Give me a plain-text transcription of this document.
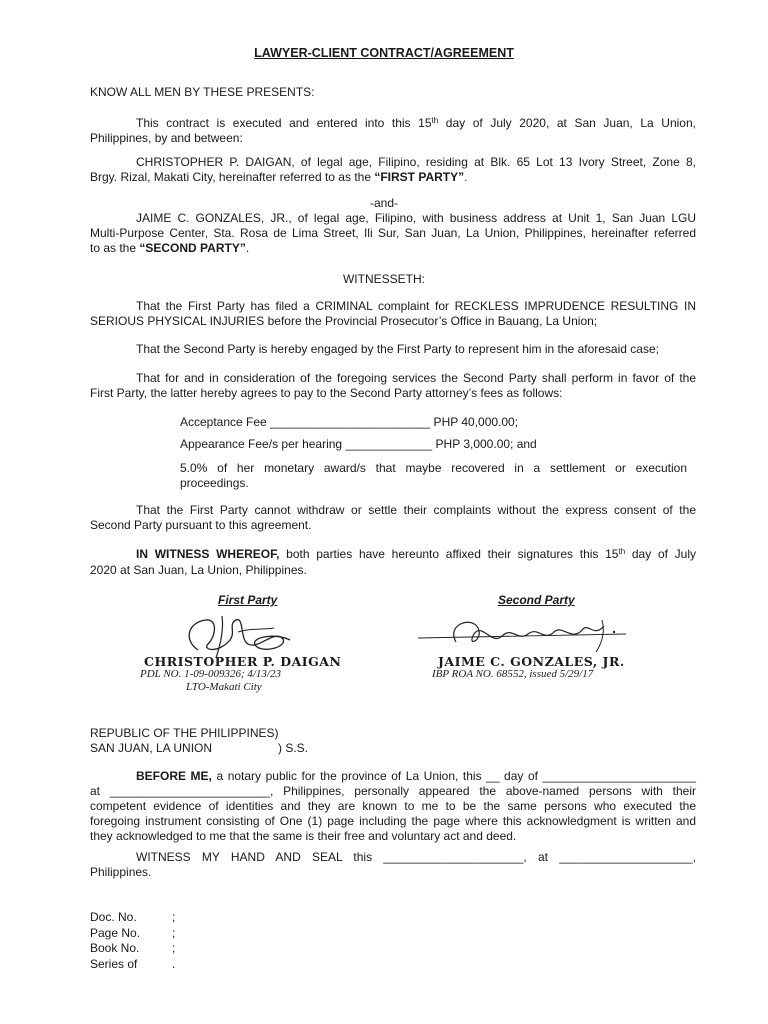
LAWYER-CLIENT CONTRACT/AGREEMENT
KNOW ALL MEN BY THESE PRESENTS:
This contract is executed and entered into this 15th day of July 2020, at San Juan, La Union,
Philippines, by and between:
CHRISTOPHER P. DAIGAN, of legal age, Filipino, residing at Blk. 65 Lot 13 Ivory Street, Zone 8,
Brgy. Rizal, Makati City, hereinafter referred to as the “FIRST PARTY”.
-and-
JAIME C. GONZALES, JR., of legal age, Filipino, with business address at Unit 1, San Juan LGU
Multi-Purpose Center, Sta. Rosa de Lima Street, Ili Sur, San Juan, La Union, Philippines, hereinafter referred
to as the “SECOND PARTY”.
WITNESSETH:
That the First Party has filed a CRIMINAL complaint for RECKLESS IMPRUDENCE RESULTING IN
SERIOUS PHYSICAL INJURIES before the Provincial Prosecutor’s Office in Bauang, La Union;
That the Second Party is hereby engaged by the First Party to represent him in the aforesaid case;
That for and in consideration of the foregoing services the Second Party shall perform in favor of the
First Party, the latter hereby agrees to pay to the Second Party attorney’s fees as follows:
Acceptance Fee ________________________ PHP 40,000.00;
Appearance Fee/s per hearing _____________ PHP 3,000.00; and
5.0% of her monetary award/s that maybe recovered in a settlement or execution
proceedings.
That the First Party cannot withdraw or settle their complaints without the express consent of the
Second Party pursuant to this agreement.
IN WITNESS WHEREOF, both parties have hereunto affixed their signatures this 15th day of July
2020 at San Juan, La Union, Philippines.
First Party
CHRISTOPHER P. DAIGAN
PDL NO. 1-09-009326; 4/13/23
LTO-Makati City
Second Party
JAIME C. GONZALES, JR.
IBP ROA NO. 68552, issued 5/29/17
REPUBLIC OF THE PHILIPPINES)
SAN JUAN, LA UNION	) S.S.
BEFORE ME, a notary public for the province of La Union, this __ day of _______________________
at ________________________, Philippines, personally appeared the above-named persons with their
competent evidence of identities and they are known to me to be the same persons who executed the
foregoing instrument consisting of One (1) page including the page where this acknowledgment is written and
they acknowledged to me that the same is their free and voluntary act and deed.
WITNESS MY HAND AND SEAL this _____________________, at ____________________,
Philippines.
Doc. No.	;
Page No.	;
Book No.	;
Series of	.
